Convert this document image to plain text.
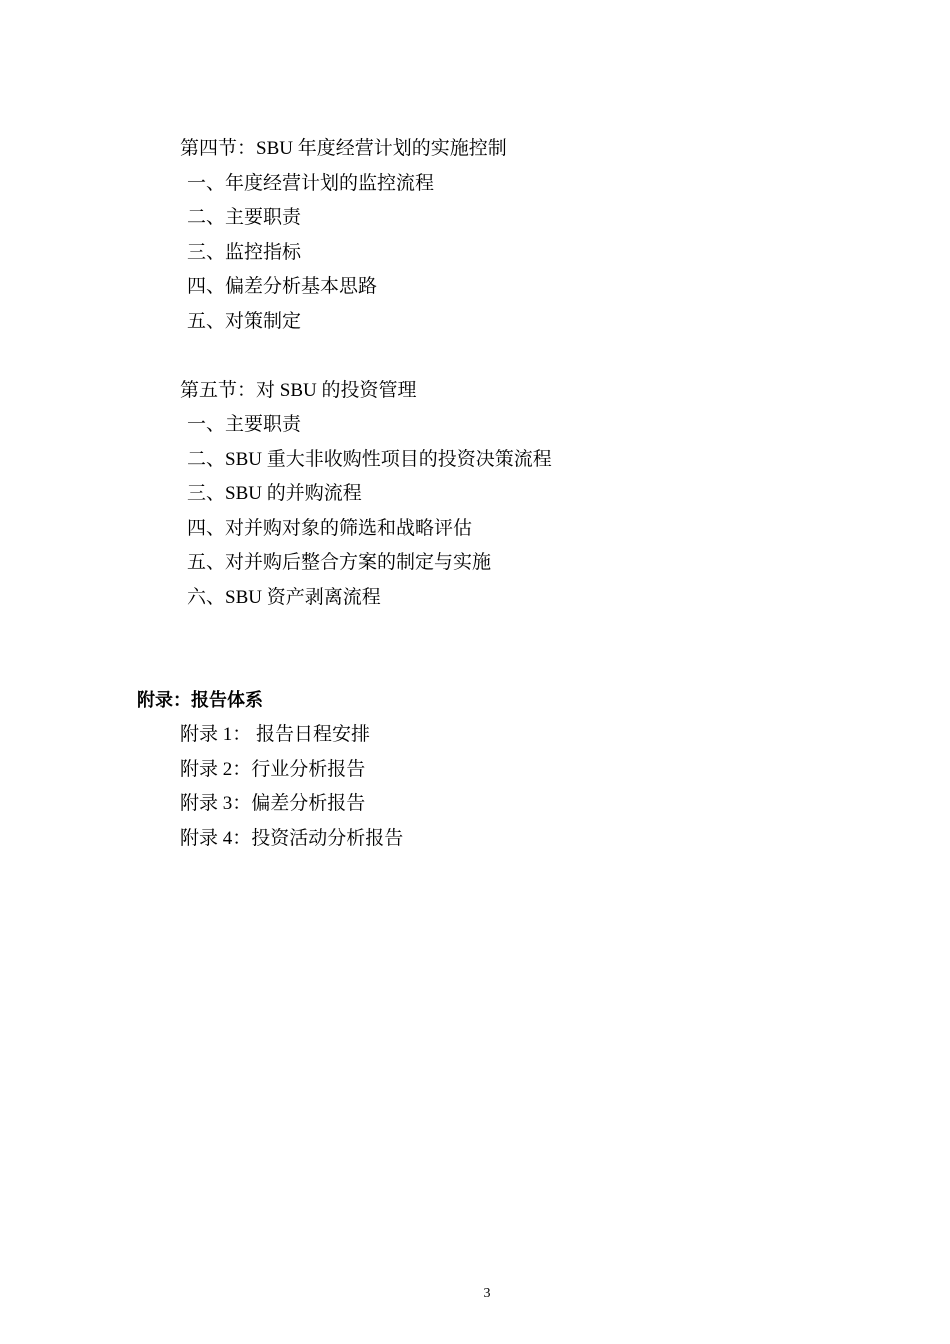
第四节：SBU 年度经营计划的实施控制
一、年度经营计划的监控流程
二、主要职责
三、监控指标
四、偏差分析基本思路
五、对策制定
第五节：对 SBU 的投资管理
一、主要职责
二、SBU 重大非收购性项目的投资决策流程
三、SBU 的并购流程
四、对并购对象的筛选和战略评估
五、对并购后整合方案的制定与实施
六、SBU 资产剥离流程
附录：报告体系
附录 1： 报告日程安排
附录 2：行业分析报告
附录 3：偏差分析报告
附录 4：投资活动分析报告
3
